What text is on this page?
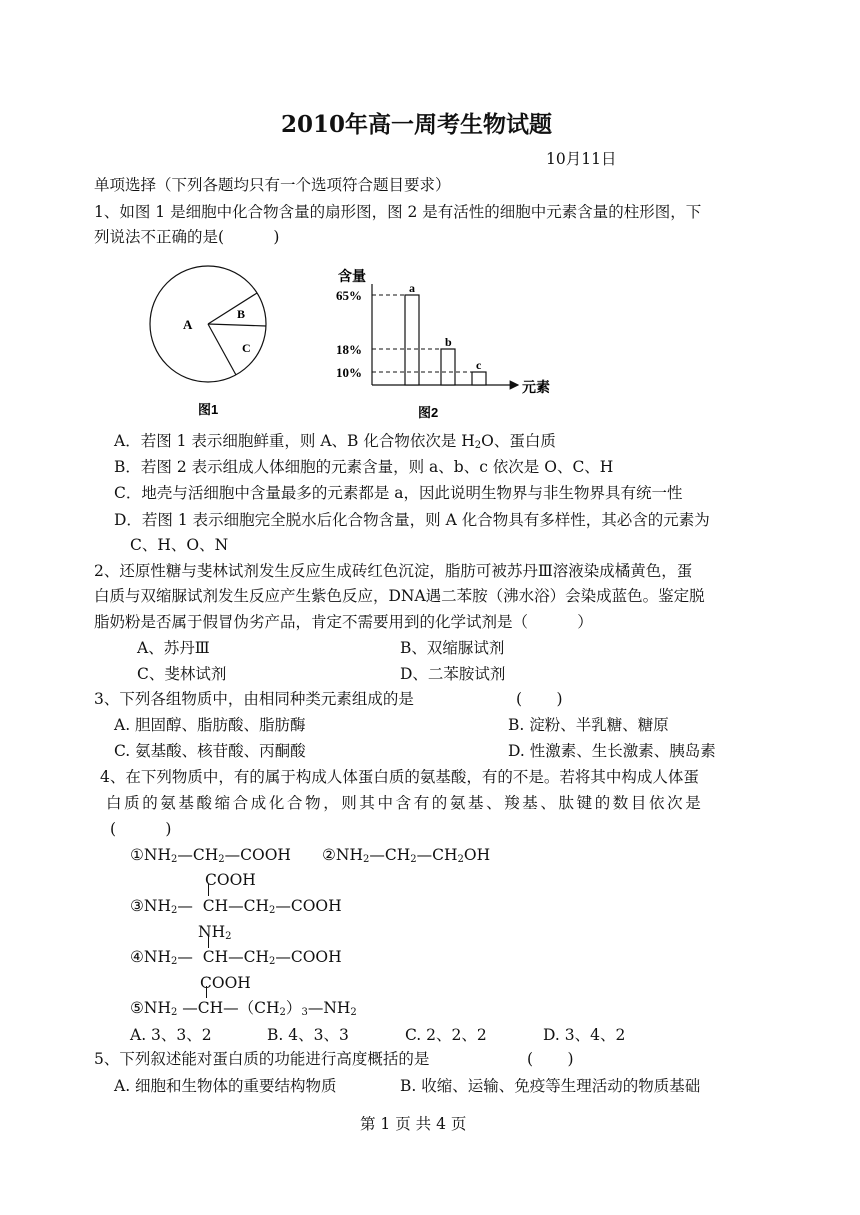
2010年高一周考生物试题
10月11日
单项选择（下列各题均只有一个选项符合题目要求）
1、如图 1 是细胞中化合物含量的扇形图，图 2 是有活性的细胞中元素含量的柱形图，下
列说法不正确的是(          )
A
B
C
图1
含量
元素
65%	a
18%	b
10%	c
图2
A．若图 1 表示细胞鲜重，则 A、B 化合物依次是 $H_2O$、蛋白质
B．若图 2 表示组成人体细胞的元素含量，则 a、b、c 依次是 O、C、H
C．地壳与活细胞中含量最多的元素都是 a，因此说明生物界与非生物界具有统一性
D．若图 1 表示细胞完全脱水后化合物含量，则 A 化合物具有多样性，其必含的元素为
C、H、O、N
2、还原性糖与斐林试剂发生反应生成砖红色沉淀，脂肪可被苏丹Ⅲ溶液染成橘黄色，蛋
白质与双缩脲试剂发生反应产生紫色反应，DNA遇二苯胺（沸水浴）会染成蓝色。鉴定脱
脂奶粉是否属于假冒伪劣产品，肯定不需要用到的化学试剂是（          ）
A、苏丹Ⅲ	B、双缩脲试剂
C、斐林试剂	D、二苯胺试剂
3、下列各组物质中，由相同种类元素组成的是	(       )
A. 胆固醇、脂肪酸、脂肪酶	B. 淀粉、半乳糖、糖原
C. 氨基酸、核苷酸、丙酮酸	D. 性激素、生长激素、胰岛素
4、在下列物质中，有的属于构成人体蛋白质的氨基酸，有的不是。若将其中构成人体蛋
白质的氨基酸缩合成化合物，则其中含有的氨基、羧基、肽键的数目依次是
(          )
$①NH_2—CH_2—COOH$ $②NH_2—CH_2—CH_2OH$
COOH
$③NH_2—$  $CH—CH_2—COOH$
$NH_2$
$④NH_2—$  $CH—CH_2—COOH$
COOH
$⑤NH_2$ $—CH—(CH_2)_3—NH_2$
A. 3、3、2	B. 4、3、3	C. 2、2、2	D. 3、4、2
5、下列叙述能对蛋白质的功能进行高度概括的是	(       )
A. 细胞和生物体的重要结构物质	B. 收缩、运输、免疫等生理活动的物质基础
第 1 页 共 4 页
